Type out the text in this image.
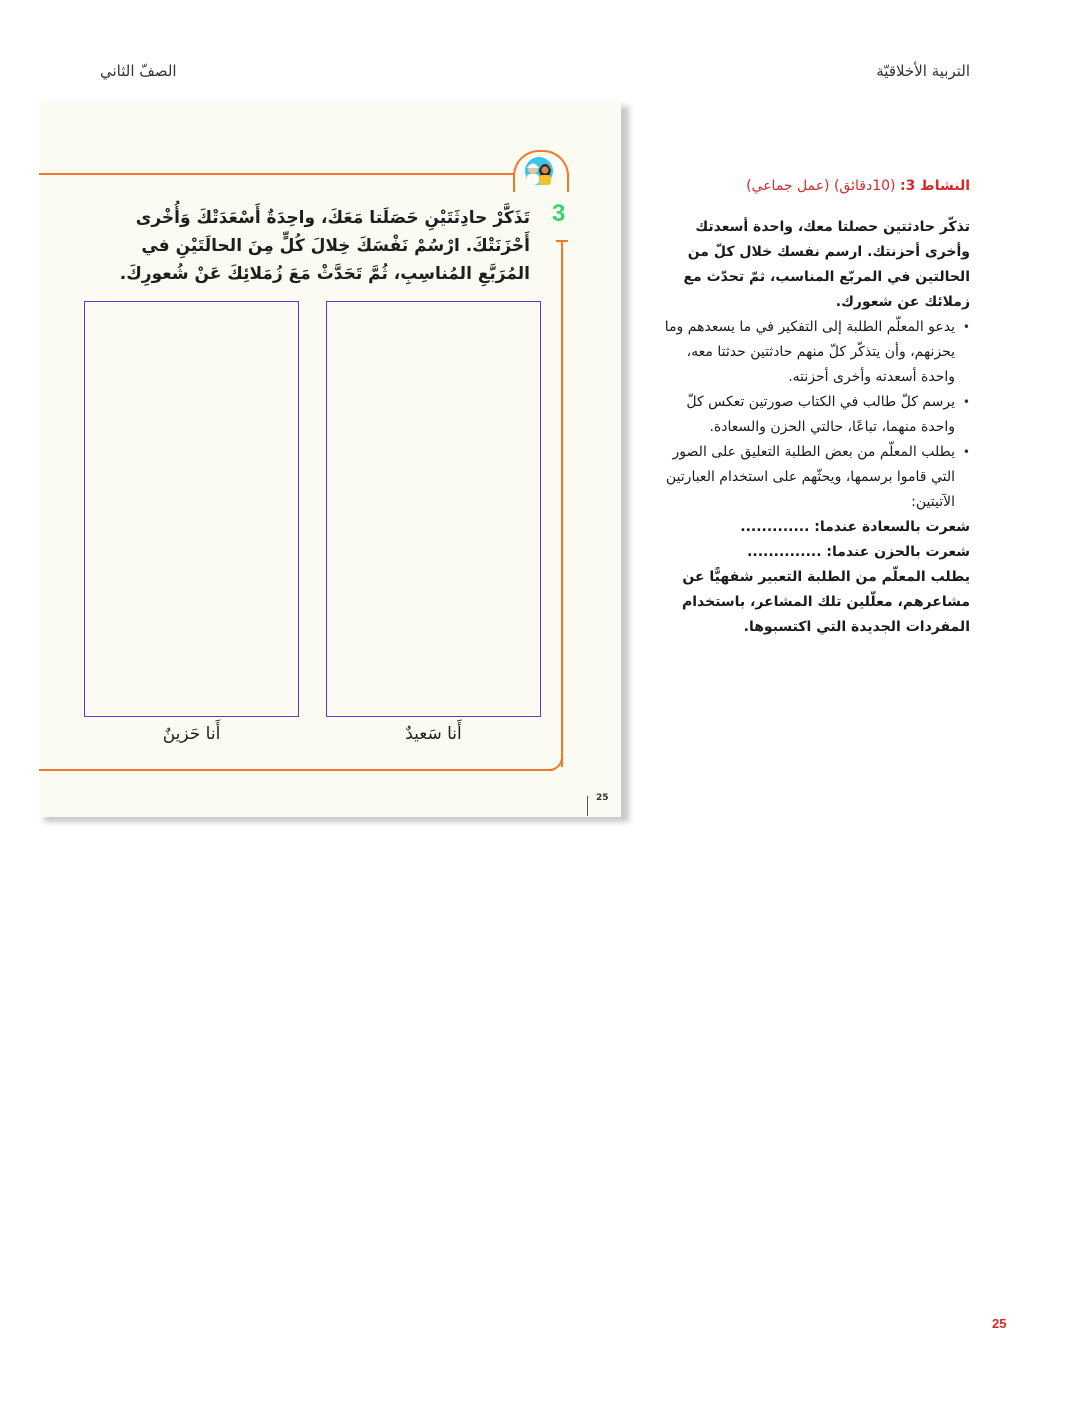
الصفّ الثاني	التربية الأخلاقيّة
3
تَذَكَّرْ حادِثَتَيْنِ حَصَلَتا مَعَكَ، واحِدَةٌ أَسْعَدَتْكَ وَأُخْرى أَحْزَنَتْكَ. ارْسُمْ نَفْسَكَ خِلالَ كُلٍّ مِنَ الحالَتَيْنِ في المُرَبَّعِ المُناسِبِ، ثُمَّ تَحَدَّثْ مَعَ زُمَلائِكَ عَنْ شُعورِكَ.
أَنا سَعيدٌ
أَنا حَزينٌ
25
النشاط 3: (10دقائق) (عمل جماعي)
تذكّر حادثتين حصلتا معك، واحدة أسعدتك وأخرى أحزنتك. ارسم نفسك خلال كلّ من الحالتين في المربّع المناسب، ثمّ تحدّث مع زملائك عن شعورك.
• يدعو المعلّم الطلبة إلى التفكير في ما يسعدهم وما يحزنهم، وأن يتذكّر كلّ منهم حادثتين حدثتا معه، واحدة أسعدته وأخرى أحزنته.
• يرسم كلّ طالب في الكتاب صورتين تعكس كلّ واحدة منهما، تباعًا، حالتي الحزن والسعادة.
• يطلب المعلّم من بعض الطلبة التعليق على الصور التي قاموا برسمها، ويحثّهم على استخدام العبارتين الآتيتين:
شعرت بالسعادة عندما: .............
شعرت بالحزن عندما: ..............
يطلب المعلّم من الطلبة التعبير شفهيًّا عن مشاعرهم، معلّلين تلك المشاعر، باستخدام المفردات الجديدة التي اكتسبوها.
25
